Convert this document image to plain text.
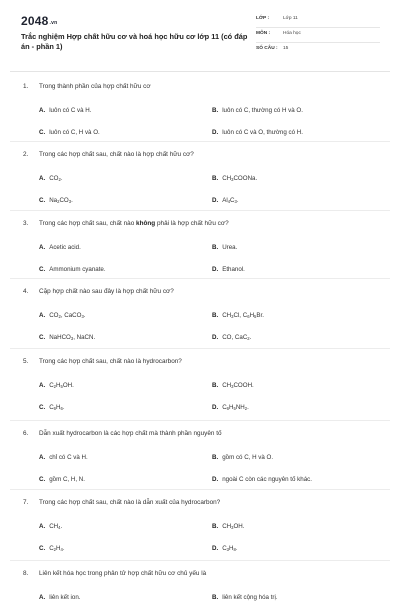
2048.vn
Trắc nghiệm Hợp chất hữu cơ và hoá học hữu cơ lớp 11 (có đáp án - phần 1)
LỚP :	Lớp 11
MÔN :	Hóa học
SỐ CÂU : 15
1. Trong thành phần của hợp chất hữu cơ
A. luôn có C và H.	B. luôn có C, thường có H và O.
C. luôn có C, H và O.	D. luôn có C và O, thường có H.
2. Trong các hợp chất sau, chất nào là hợp chất hữu cơ?
A. $CO_2$.	B. $CH_3COONa$.
C. $Na_2CO_3$.	D. $Al_4C_3$.
3. Trong các hợp chất sau, chất nào không phải là hợp chất hữu cơ?
A. Acetic acid.	B. Urea.
C. Ammonium cyanate.	D. Ethanol.
4. Cặp hợp chất nào sau đây là hợp chất hữu cơ?
A. $CO_2$, CaCO$_3$.	B. $CH_3Cl$, $C_6H_5Br$.
C. NaHCO$_3$, NaCN.	D. CO, CaC$_2$.
5. Trong các hợp chất sau, chất nào là hydrocarbon?
A. $C_2H_5OH$.	B. $CH_3COOH$.
C. $C_6H_6$.	D. $C_6H_5NH_2$.
6. Dẫn xuất hydrocarbon là các hợp chất mà thành phần nguyên tố
A. chỉ có C và H.	B. gồm có C, H và O.
C. gồm C, H, N.	D. ngoài C còn các nguyên tố khác.
7. Trong các hợp chất sau, chất nào là dẫn xuất của hydrocarbon?
A. $CH_4$.	B. $CH_3OH$.
C. $C_2H_4$.	D. $C_3H_8$.
8. Liên kết hóa học trong phân tử hợp chất hữu cơ chủ yếu là
A. liên kết ion.	B. liên kết cộng hóa trị.
